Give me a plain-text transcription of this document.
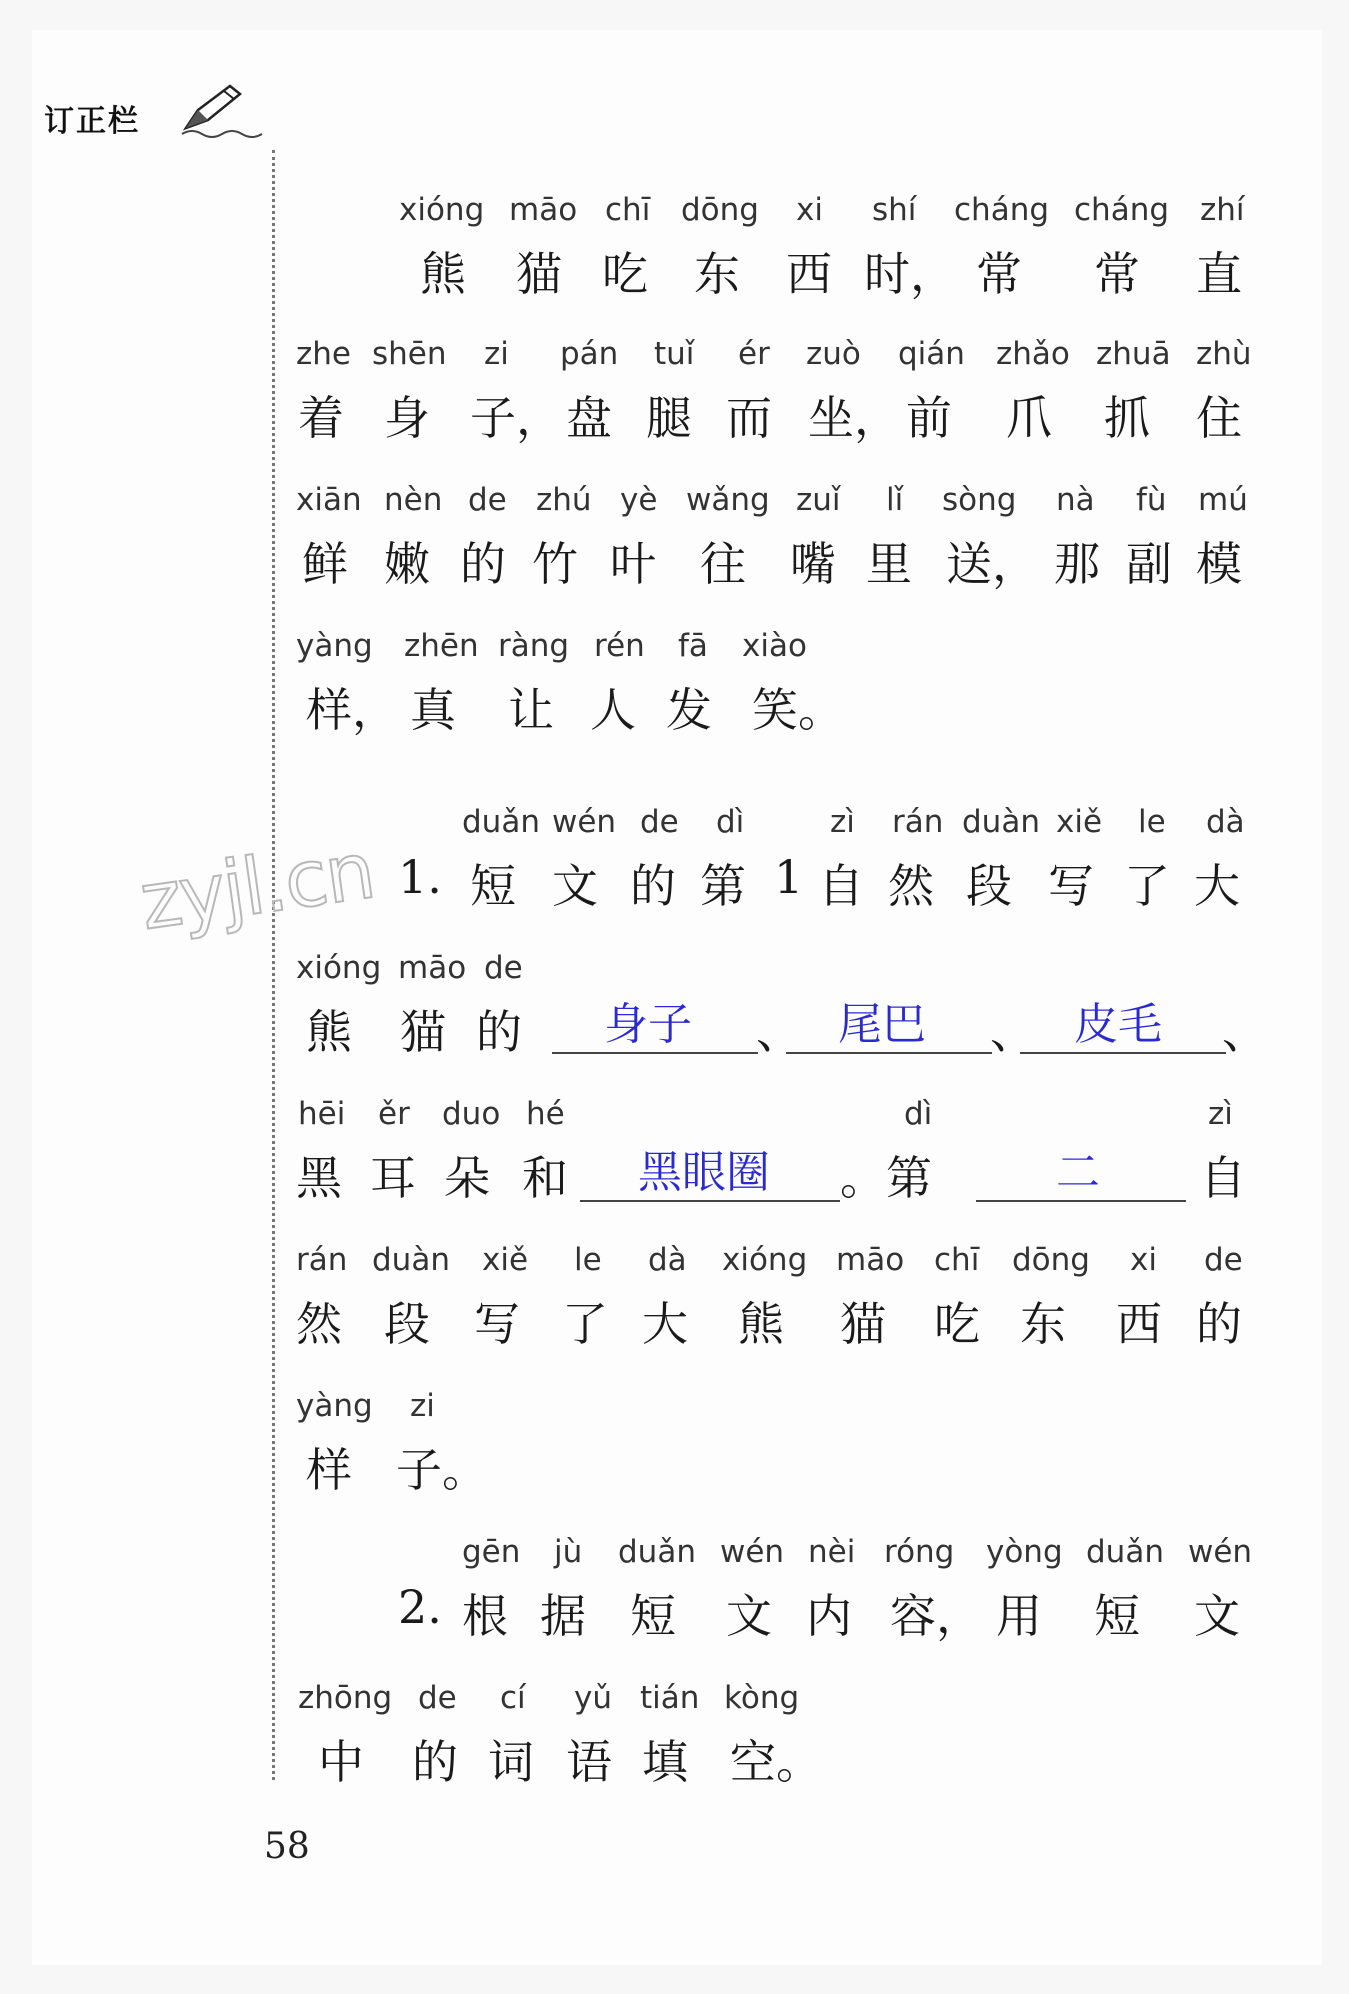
订正栏
zyjl.cn
xióng māo chī dōng xi shí cháng cháng zhí
熊 猫 吃 东 西 时， 常 常 直
zhe shēn zi pán tuǐ ér zuò qián zhǎo zhuā zhù
着 身 子， 盘 腿 而 坐， 前 爪 抓 住
xiān nèn de zhú yè wǎng zuǐ lǐ sòng nà fù mú
鲜 嫩 的 竹 叶 往 嘴 里 送， 那 副 模
yàng zhēn ràng rén fā xiào
样， 真 让 人 发 笑。
duǎn wén de dì	zì rán duàn xiě le dà
1. 短 文 的 第 1 自 然 段 写 了 大
xióng māo de
熊 猫 的	、	、	、
身子	尾巴	皮毛
hēi ěr duo hé	dì	zì
黑 耳 朵 和	。第	自
黑眼圈	二
rán duàn xiě le dà xióng māo chī dōng xi de
然 段 写 了 大 熊 猫 吃 东 西 的
yàng zi
样 子。
gēn jù duǎn wén nèi róng yòng duǎn wén
2. 根 据 短 文 内 容， 用 短 文
zhōng de cí yǔ tián kòng
中 的 词 语 填 空。
58
